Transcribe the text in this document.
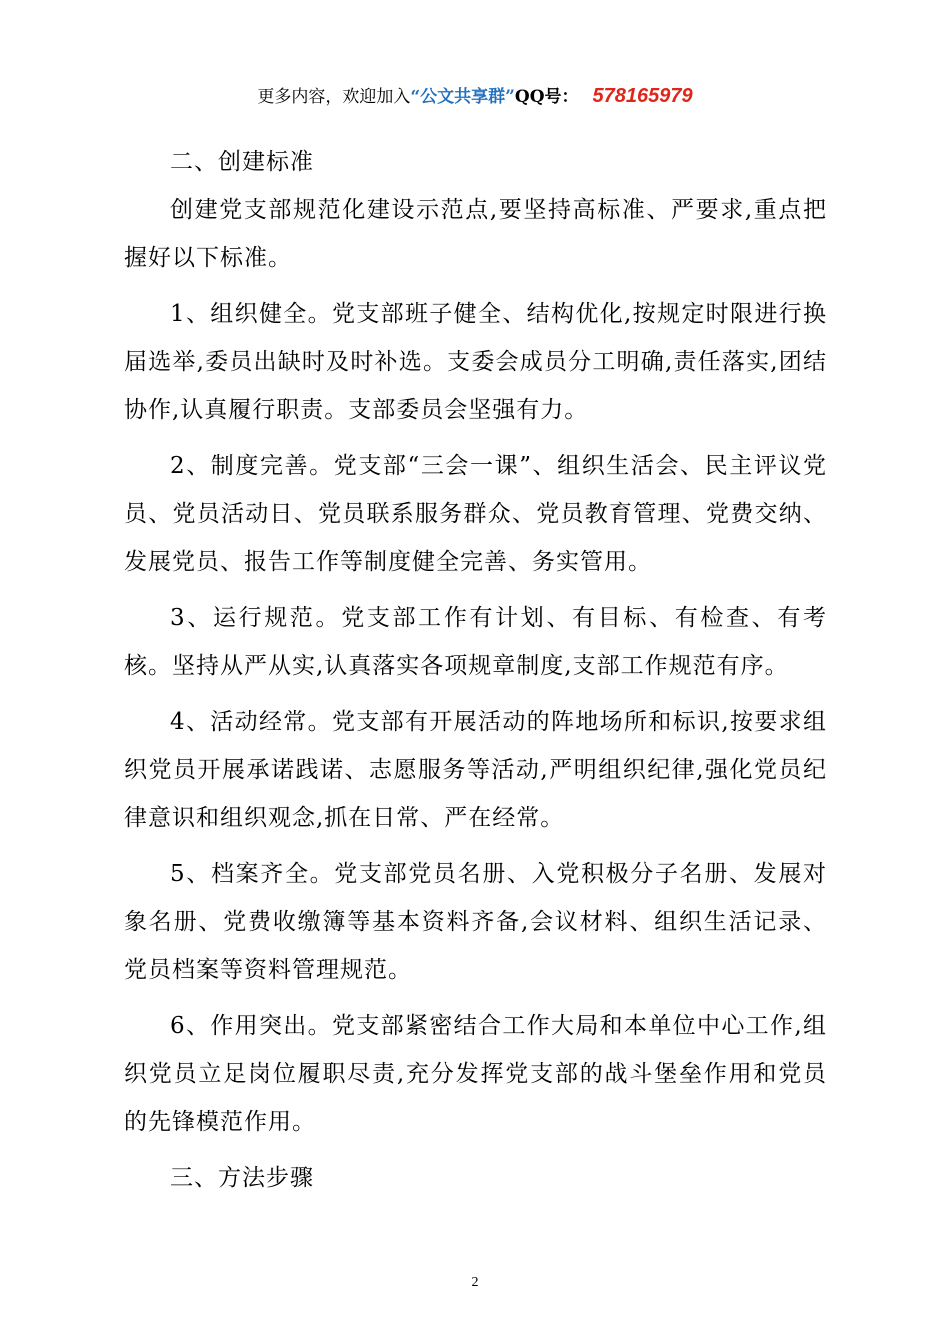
更多内容，欢迎加入“公文共享群”QQ号： 578165979
二、创建标准

创建党支部规范化建设示范点,要坚持高标准、严要求,重点把握好以下标准。

1、组织健全。党支部班子健全、结构优化,按规定时限进行换届选举,委员出缺时及时补选。支委会成员分工明确,责任落实,团结协作,认真履行职责。支部委员会坚强有力。

2、制度完善。党支部“三会一课”、组织生活会、民主评议党员、党员活动日、党员联系服务群众、党员教育管理、党费交纳、发展党员、报告工作等制度健全完善、务实管用。

3、运行规范。党支部工作有计划、有目标、有检查、有考核。坚持从严从实,认真落实各项规章制度,支部工作规范有序。

4、活动经常。党支部有开展活动的阵地场所和标识,按要求组织党员开展承诺践诺、志愿服务等活动,严明组织纪律,强化党员纪律意识和组织观念,抓在日常、严在经常。

5、档案齐全。党支部党员名册、入党积极分子名册、发展对象名册、党费收缴簿等基本资料齐备,会议材料、组织生活记录、党员档案等资料管理规范。

6、作用突出。党支部紧密结合工作大局和本单位中心工作,组织党员立足岗位履职尽责,充分发挥党支部的战斗堡垒作用和党员的先锋模范作用。

三、方法步骤
2
